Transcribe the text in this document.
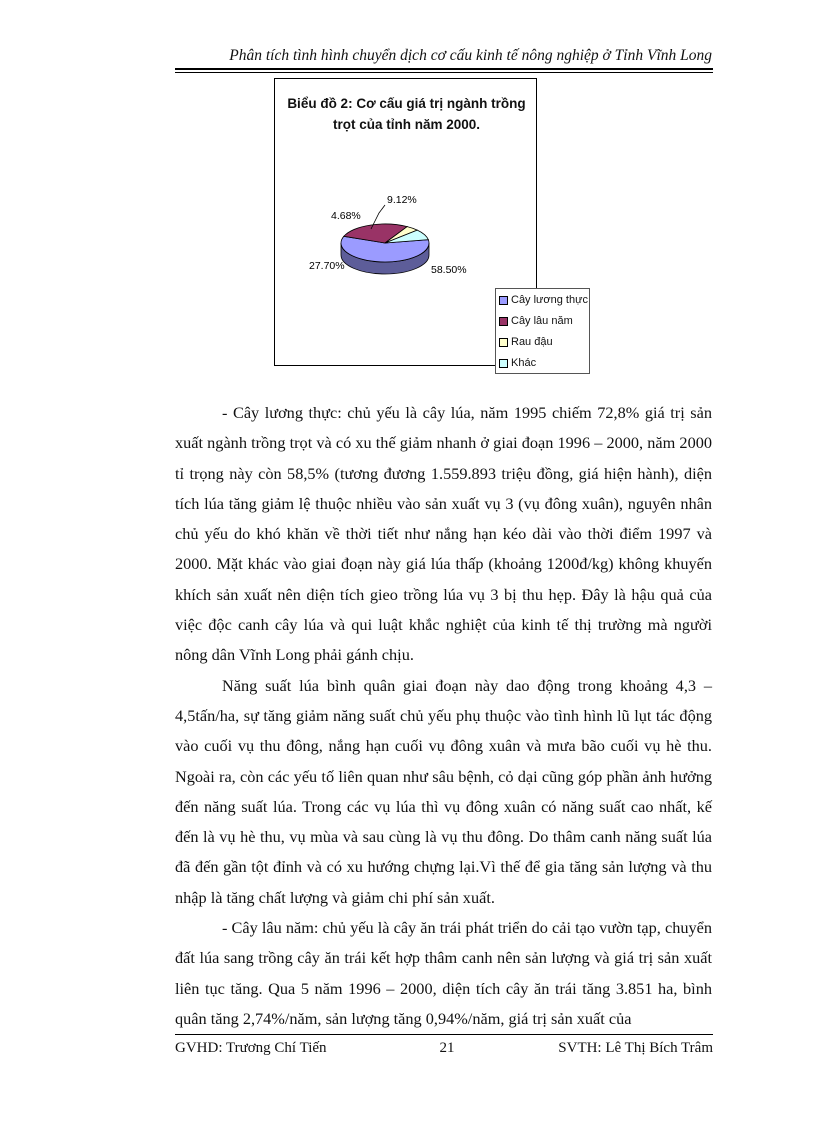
Phân tích tình hình chuyển dịch cơ cấu kinh tế nông nghiệp ở Tỉnh Vĩnh Long
Biểu đồ 2: Cơ cấu giá trị ngành trồng
trọt của tỉnh năm 2000.
58.50%
27.70%
4.68%
9.12%
Cây lương thực
Cây lâu năm
Rau đậu
Khác

- Cây lương thực: chủ yếu là cây lúa, năm 1995 chiếm 72,8% giá trị sản xuất ngành trồng trọt và có xu thế giảm nhanh ở giai đoạn 1996 – 2000, năm 2000 tỉ trọng này còn 58,5% (tương đương 1.559.893 triệu đồng, giá hiện hành), diện tích lúa tăng giảm lệ thuộc nhiều vào sản xuất vụ 3 (vụ đông xuân), nguyên nhân chủ yếu do khó khăn về thời tiết như nắng hạn kéo dài vào thời điểm 1997 và 2000. Mặt khác vào giai đoạn này giá lúa thấp (khoảng 1200đ/kg) không khuyến khích sản xuất nên diện tích gieo trồng lúa vụ 3 bị thu hẹp. Đây là hậu quả của việc độc canh cây lúa và qui luật khắc nghiệt của kinh tế thị trường mà người nông dân Vĩnh Long phải gánh chịu.

Năng suất lúa bình quân giai đoạn này dao động trong khoảng 4,3 – 4,5tấn/ha, sự tăng giảm năng suất chủ yếu phụ thuộc vào tình hình lũ lụt tác động vào cuối vụ thu đông, nắng hạn cuối vụ đông xuân và mưa bão cuối vụ hè thu. Ngoài ra, còn các yếu tố liên quan như sâu bệnh, cỏ dại cũng góp phần ảnh hưởng đến năng suất lúa. Trong các vụ lúa thì vụ đông xuân có năng suất cao nhất, kế đến là vụ hè thu, vụ mùa và sau cùng là vụ thu đông. Do thâm canh năng suất lúa đã đến gần tột đỉnh và có xu hướng chựng lại.Vì thế để gia tăng sản lượng và thu nhập là tăng chất lượng và giảm chi phí sản xuất.

- Cây lâu năm: chủ yếu là cây ăn trái phát triển do cải tạo vườn tạp, chuyển đất lúa sang trồng cây ăn trái kết hợp thâm canh nên sản lượng và giá trị sản xuất liên tục tăng. Qua 5 năm 1996 – 2000, diện tích cây ăn trái tăng 3.851 ha, bình quân tăng 2,74%/năm, sản lượng tăng 0,94%/năm, giá trị sản xuất của

GVHD: Trương Chí Tiến	21	SVTH: Lê Thị Bích Trâm
